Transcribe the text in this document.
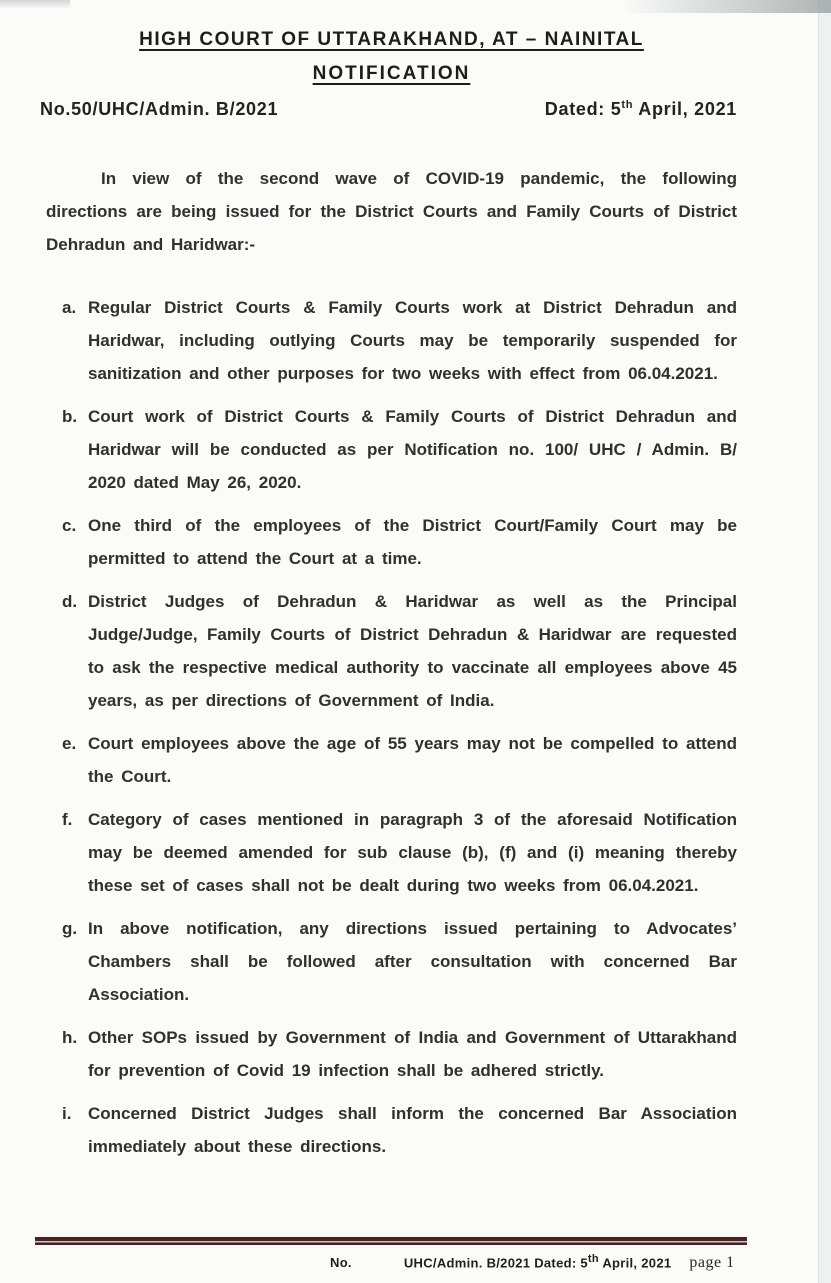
HIGH COURT OF UTTARAKHAND, AT – NAINITAL
NOTIFICATION
No.50/UHC/Admin. B/2021	Dated: 5th April, 2021

In view of the second wave of COVID-19 pandemic, the following directions are being issued for the District Courts and Family Courts of District Dehradun and Haridwar:-

a. Regular District Courts & Family Courts work at District Dehradun and Haridwar, including outlying Courts may be temporarily suspended for sanitization and other purposes for two weeks with effect from 06.04.2021.
b. Court work of District Courts & Family Courts of District Dehradun and Haridwar will be conducted as per Notification no. 100/ UHC / Admin. B/ 2020 dated May 26, 2020.
c. One third of the employees of the District Court/Family Court may be permitted to attend the Court at a time.
d. District Judges of Dehradun & Haridwar as well as the Principal Judge/Judge, Family Courts of District Dehradun & Haridwar are requested to ask the respective medical authority to vaccinate all employees above 45 years, as per directions of Government of India.
e. Court employees above the age of 55 years may not be compelled to attend the Court.
f. Category of cases mentioned in paragraph 3 of the aforesaid Notification may be deemed amended for sub clause (b), (f) and (i) meaning thereby these set of cases shall not be dealt during two weeks from 06.04.2021.
g. In above notification, any directions issued pertaining to Advocates’ Chambers shall be followed after consultation with concerned Bar Association.
h. Other SOPs issued by Government of India and Government of Uttarakhand for prevention of Covid 19 infection shall be adhered strictly.
i. Concerned District Judges shall inform the concerned Bar Association immediately about these directions.
No.	UHC/Admin. B/2021 Dated: 5th April, 2021 page 1
